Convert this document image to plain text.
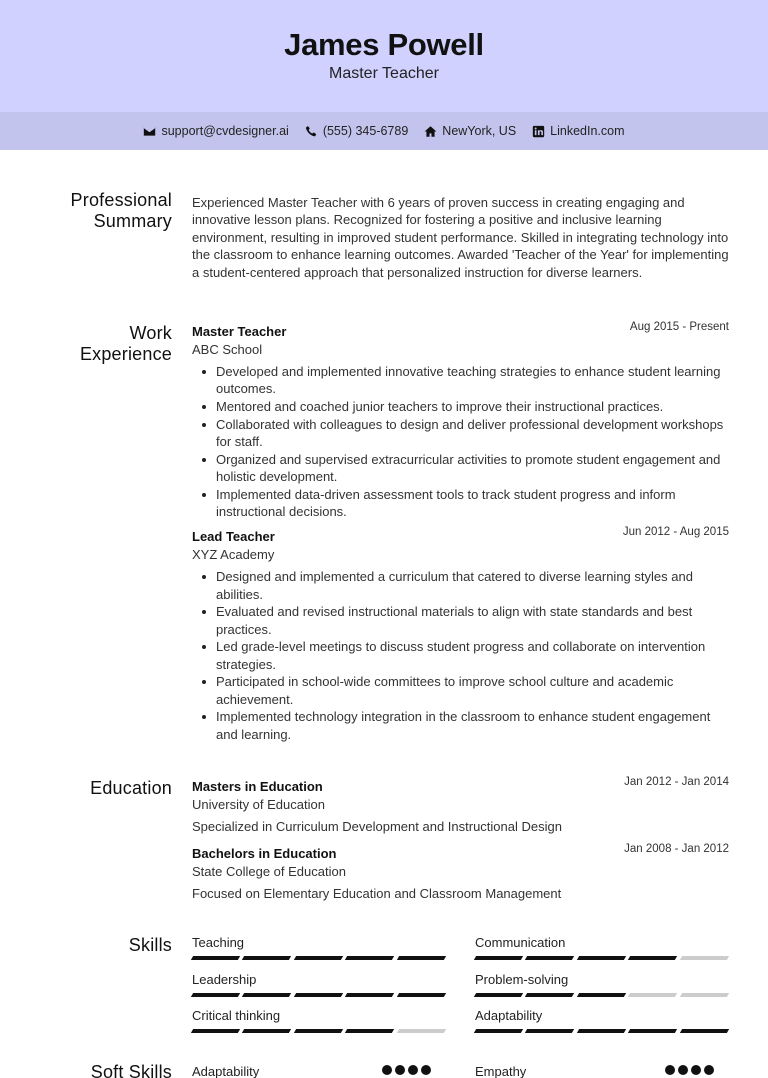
James Powell
Master Teacher
support@cvdesigner.ai	(555) 345-6789	NewYork, US	LinkedIn.com
Professional
Summary

Experienced Master Teacher with 6 years of proven success in creating engaging and innovative lesson plans. Recognized for fostering a positive and inclusive learning environment, resulting in improved student performance. Skilled in integrating technology into the classroom to enhance learning outcomes. Awarded 'Teacher of the Year' for implementing a student-centered approach that personalized instruction for diverse learners.

Work
Experience
Master Teacher	Aug 2015 - Present
ABC School
Developed and implemented innovative teaching strategies to enhance student learning outcomes.
Mentored and coached junior teachers to improve their instructional practices.
Collaborated with colleagues to design and deliver professional development workshops for staff.
Organized and supervised extracurricular activities to promote student engagement and holistic development.
Implemented data-driven assessment tools to track student progress and inform instructional decisions.
Lead Teacher	Jun 2012 - Aug 2015
XYZ Academy
Designed and implemented a curriculum that catered to diverse learning styles and abilities.
Evaluated and revised instructional materials to align with state standards and best practices.
Led grade-level meetings to discuss student progress and collaborate on intervention strategies.
Participated in school-wide committees to improve school culture and academic achievement.
Implemented technology integration in the classroom to enhance student engagement and learning.
Education Masters in Education	Jan 2012 - Jan 2014
University of Education
Specialized in Curriculum Development and Instructional Design
Bachelors in Education	Jan 2008 - Jan 2012
State College of Education
Focused on Elementary Education and Classroom Management
Skills Teaching	Communication
Leadership	Problem-solving
Critical thinking	Adaptability
Soft Skills Adaptability	Empathy
